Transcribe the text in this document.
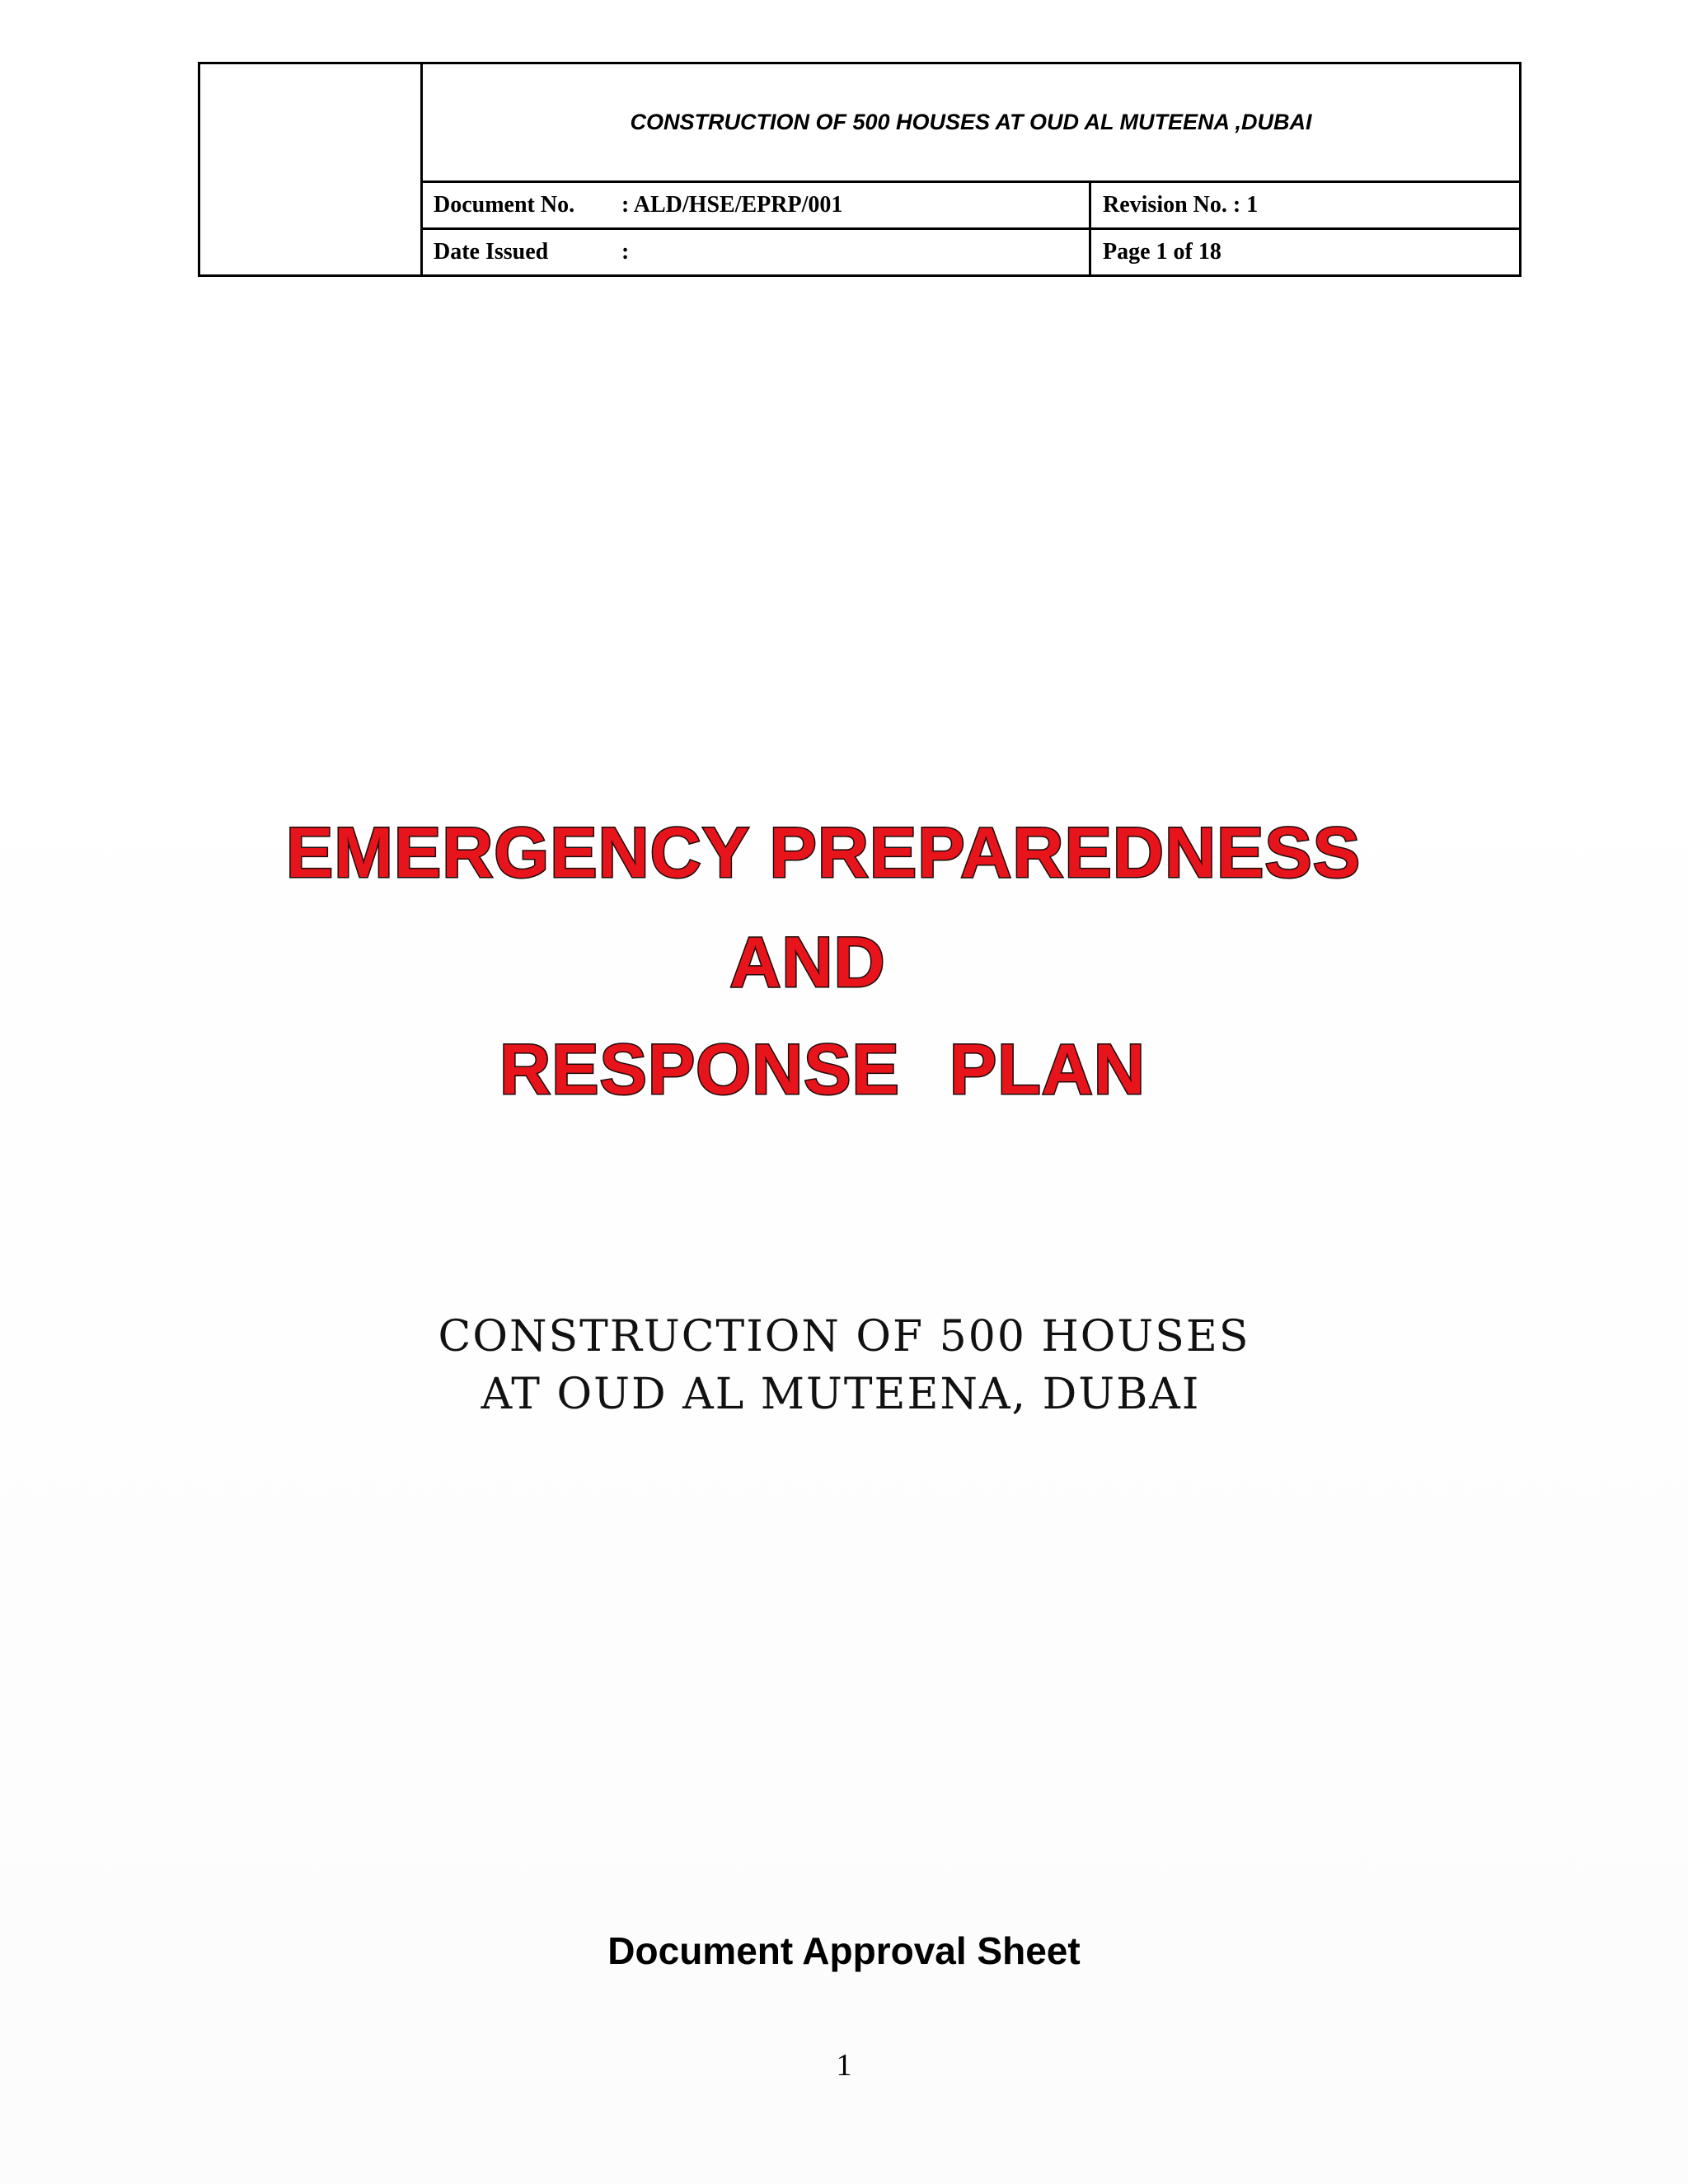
CONSTRUCTION OF 500 HOUSES AT OUD AL MUTEENA ,DUBAI
Document No.	: ALD/HSE/EPRP/001	Revision No. : 1
Date Issued	:	Page 1 of 18
EMERGENCY PREPAREDNESS
AND
RESPONSE PLAN
CONSTRUCTION OF 500 HOUSES
AT OUD AL MUTEENA, DUBAI
Document Approval Sheet
1
